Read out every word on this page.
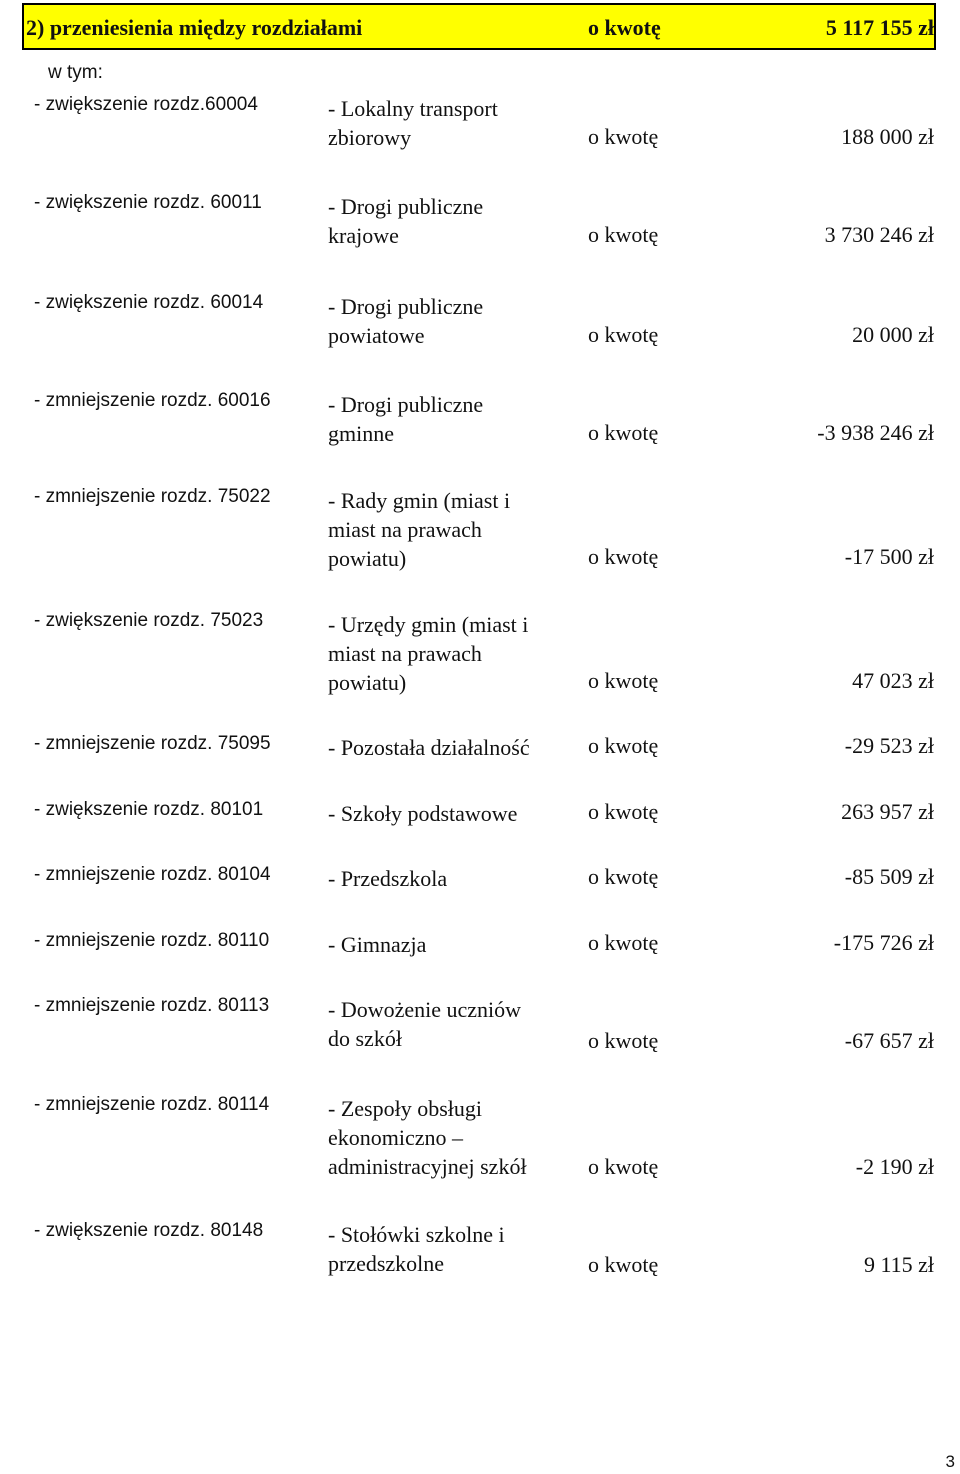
2) przeniesienia między rozdziałami	o kwotę	5 117 155 zł
w tym:
- zwiększenie rozdz.60004	- Lokalny transport
zbiorowy	o kwotę	188 000 zł
- zwiększenie rozdz. 60011	- Drogi publiczne
krajowe	o kwotę	3 730 246 zł
- zwiększenie rozdz. 60014	- Drogi publiczne
powiatowe	o kwotę	20 000 zł
- zmniejszenie rozdz. 60016	- Drogi publiczne
gminne	o kwotę	-3 938 246 zł
- zmniejszenie rozdz. 75022	- Rady gmin (miast i
miast na prawach
powiatu)	o kwotę	-17 500 zł
- zwiększenie rozdz. 75023	- Urzędy gmin (miast i
miast na prawach
powiatu)	o kwotę	47 023 zł
- zmniejszenie rozdz. 75095	- Pozostała działalność	o kwotę	-29 523 zł
- zwiększenie rozdz. 80101	- Szkoły podstawowe	o kwotę	263 957 zł
- zmniejszenie rozdz. 80104	- Przedszkola	o kwotę	-85 509 zł
- zmniejszenie rozdz. 80110	- Gimnazja	o kwotę	-175 726 zł
- zmniejszenie rozdz. 80113	- Dowożenie uczniów
do szkół	o kwotę	-67 657 zł
- zmniejszenie rozdz. 80114	- Zespoły obsługi
ekonomiczno –
administracyjnej szkół	o kwotę	-2 190 zł
- zwiększenie rozdz. 80148	- Stołówki szkolne i
przedszkolne	o kwotę	9 115 zł
3
